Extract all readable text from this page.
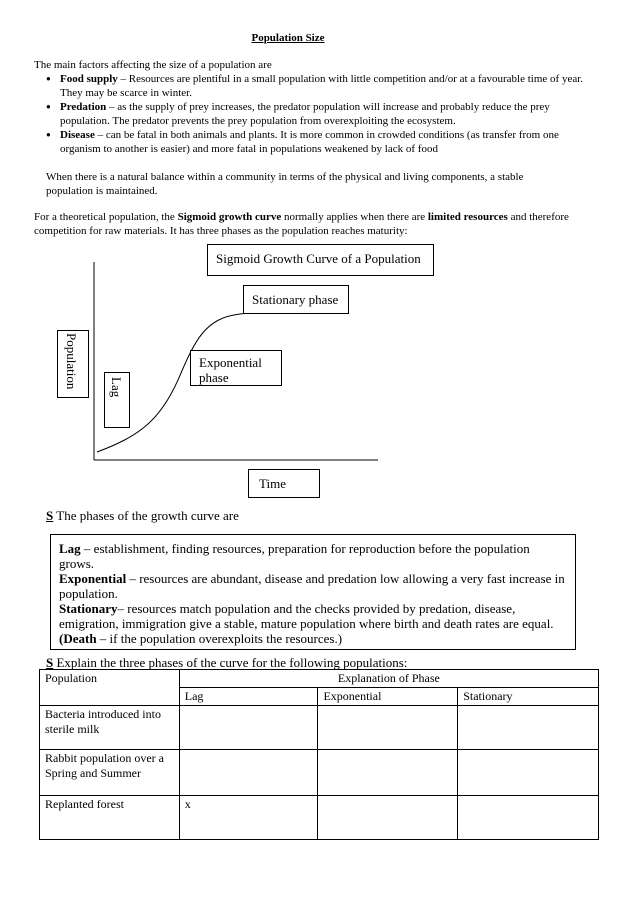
Population Size
The main factors affecting the size of a population are
● Food supply – Resources are plentiful in a small population with little competition and/or at a favourable time of year. They may be scarce in winter.
● Predation – as the supply of prey increases, the predator population will increase and probably reduce the prey population. The predator prevents the prey population from overexploiting the ecosystem.
● Disease – can be fatal in both animals and plants. It is more common in crowded conditions (as transfer from one organism to another is easier) and more fatal in populations weakened by lack of food
When there is a natural balance within a community in terms of the physical and living components, a stable population is maintained.
For a theoretical population, the Sigmoid growth curve normally applies when there are limited resources and therefore competition for raw materials. It has three phases as the population reaches maturity:
Sigmoid Growth Curve of a Population
Stationary phase
Exponential phase
Lag
Population
Time
S The phases of the growth curve are
Lag – establishment, finding resources, preparation for reproduction before the population grows.
Exponential – resources are abundant, disease and predation low allowing a very fast increase in population.
Stationary– resources match population and the checks provided by predation, disease, emigration, immigration give a stable, mature population where birth and death rates are equal.
(Death – if the population overexploits the resources.)
S Explain the three phases of the curve for the following populations:
Population	Explanation of Phase		
	Lag	Exponential	Stationary
Bacteria introduced into sterile milk			
Rabbit population over a Spring and Summer			
Replanted forest	x		
